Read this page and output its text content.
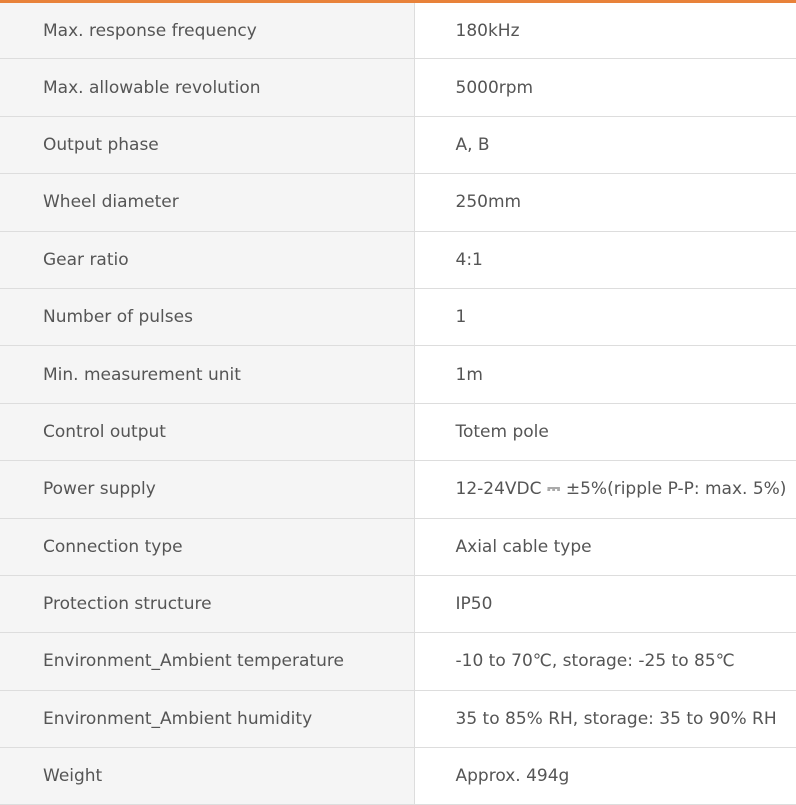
Max. response frequency	180kHz
Max. allowable revolution	5000rpm
Output phase	A, B
Wheel diameter	250mm
Gear ratio	4:1
Number of pulses	1
Min. measurement unit	1m
Control output	Totem pole
Power supply	12-24VDC ⎓ ±5%(ripple P-P: max. 5%)
Connection type	Axial cable type
Protection structure	IP50
Environment_Ambient temperature	-10 to 70℃, storage: -25 to 85℃
Environment_Ambient humidity	35 to 85% RH, storage: 35 to 90% RH
Weight	Approx. 494g
